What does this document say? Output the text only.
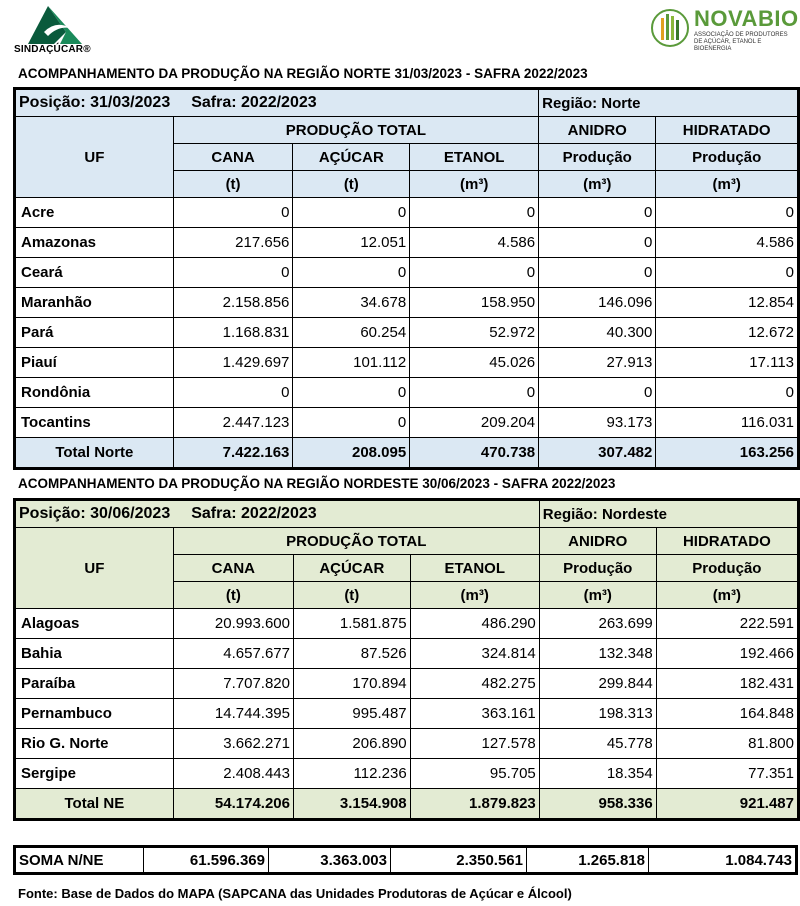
SINDAÇÚCAR®
NOVABIO
ASSOCIAÇÃO DE PRODUTORES DE AÇÚCAR, ETANOL E BIOENERGIA
ACOMPANHAMENTO DA PRODUÇÃO NA REGIÃO NORTE 31/03/2023 - SAFRA 2022/2023
Posição: 31/03/2023	Safra: 2022/2023			Região: Norte	
UF	PRODUÇÃO TOTAL			ANIDRO	HIDRATADO
	CANA	AÇÚCAR	ETANOL	Produção	Produção
	(t)	(t)	(m³)	(m³)	(m³)
Acre	0	0	0	0	0
Amazonas	217.656	12.051	4.586	0	4.586
Ceará	0	0	0	0	0
Maranhão	2.158.856	34.678	158.950	146.096	12.854
Pará	1.168.831	60.254	52.972	40.300	12.672
Piauí	1.429.697	101.112	45.026	27.913	17.113
Rondônia	0	0	0	0	0
Tocantins	2.447.123	0	209.204	93.173	116.031
Total Norte	7.422.163	208.095	470.738	307.482	163.256
ACOMPANHAMENTO DA PRODUÇÃO NA REGIÃO NORDESTE 30/06/2023 - SAFRA 2022/2023
Posição: 30/06/2023	Safra: 2022/2023			Região: Nordeste	
UF	PRODUÇÃO TOTAL			ANIDRO	HIDRATADO
	CANA	AÇÚCAR	ETANOL	Produção	Produção
	(t)	(t)	(m³)	(m³)	(m³)
Alagoas	20.993.600	1.581.875	486.290	263.699	222.591
Bahia	4.657.677	87.526	324.814	132.348	192.466
Paraíba	7.707.820	170.894	482.275	299.844	182.431
Pernambuco	14.744.395	995.487	363.161	198.313	164.848
Rio G. Norte	3.662.271	206.890	127.578	45.778	81.800
Sergipe	2.408.443	112.236	95.705	18.354	77.351
Total NE	54.174.206	3.154.908	1.879.823	958.336	921.487
SOMA N/NE	61.596.369	3.363.003	2.350.561	1.265.818	1.084.743
Fonte: Base de Dados do MAPA (SAPCANA das Unidades Produtoras de Açúcar e Álcool)
